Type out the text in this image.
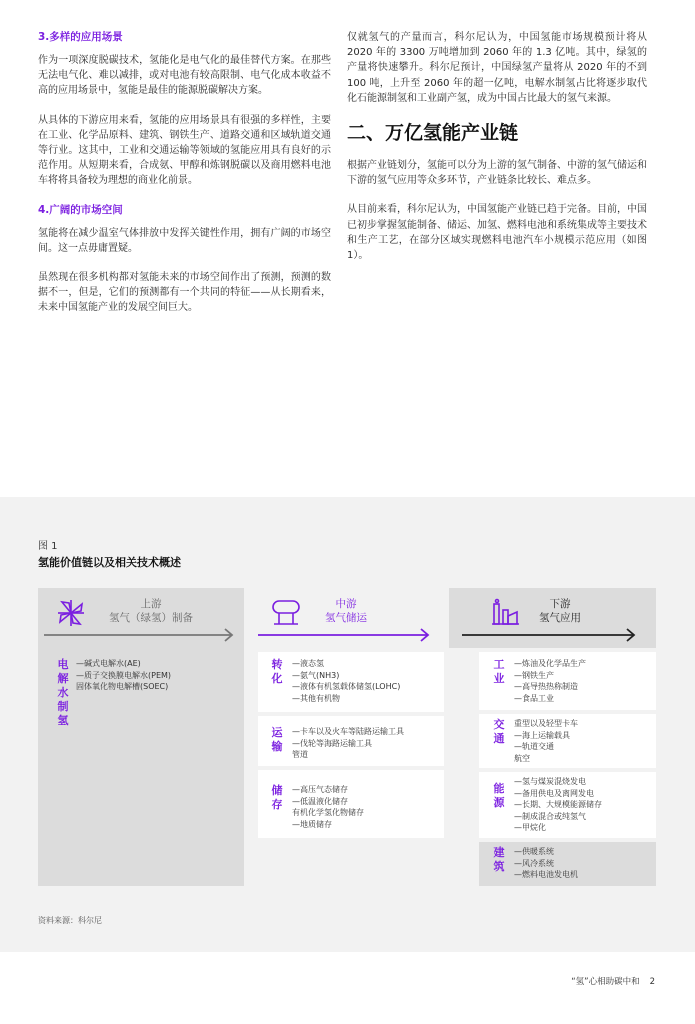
3.多样的应用场景

作为一项深度脱碳技术，氢能化是电气化的最佳替代方案。在那些无法电气化、难以减排，或对电池有较高限制、电气化成本收益不高的应用场景中，氢能是最佳的能源脱碳解决方案。

从具体的下游应用来看，氢能的应用场景具有很强的多样性，主要在工业、化学品原料、建筑、钢铁生产、道路交通和区域轨道交通等行业。这其中，工业和交通运输等领域的氢能应用具有良好的示范作用。从短期来看，合成氨、甲醇和炼钢脱碳以及商用燃料电池车将将具备较为理想的商业化前景。

4.广阔的市场空间

氢能将在减少温室气体排放中发挥关键性作用，拥有广阔的市场空间。这一点毋庸置疑。

虽然现在很多机构都对氢能未来的市场空间作出了预测，预测的数据不一，但是，它们的预测都有一个共同的特征——从长期看来，未来中国氢能产业的发展空间巨大。

仅就氢气的产量而言，科尔尼认为，中国氢能市场规模预计将从 2020 年的 3300 万吨增加到 2060 年的 1.3 亿吨。其中，绿氢的产量将快速攀升。科尔尼预计，中国绿氢产量将从 2020 年的不到100 吨，上升至 2060 年的超一亿吨，电解水制氢占比将逐步取代化石能源制氢和工业副产氢，成为中国占比最大的氢气来源。

二、万亿氢能产业链

根据产业链划分，氢能可以分为上游的氢气制备、中游的氢气储运和下游的氢气应用等众多环节，产业链条比较长、难点多。

从目前来看，科尔尼认为，中国氢能产业链已趋于完备。目前，中国已初步掌握氢能制备、储运、加氢、燃料电池和系统集成等主要技术和生产工艺，在部分区域实现燃料电池汽车小规模示范应用（如图 1）。

图 1
氢能价值链以及相关技术概述
上游
氢气（绿氢）制备
中游
氢气储运
下游
氢气应用
电解水制氢
—碱式电解水(AE)
—质子交换膜电解水(PEM)
固体氧化物电解槽(SOEC)
转化
—液态氢
—氨气(NH3)
—液体有机氢载体储氢(LOHC)
—其他有机物
运输
—卡车以及火车等陆路运输工具
—伐轮等海路运输工具
管道
储存
—高压气态储存
—低温液化储存
有机化学氢化物储存
—地质储存
工业
—炼油及化学品生产
—钢铁生产
—高导热热称制造
—食品工业
交通
重型以及轻型卡车
—海上运输载具
—轨道交通
航空
能源
—氢与煤炭混烧发电
—备用供电及离网发电
—长期、大规模能源储存
—制成混合或纯氢气
—甲烷化
建筑
—供暖系统
—风冷系统
—燃料电池发电机
资料来源：科尔尼
“氢”心相助碳中和 2
